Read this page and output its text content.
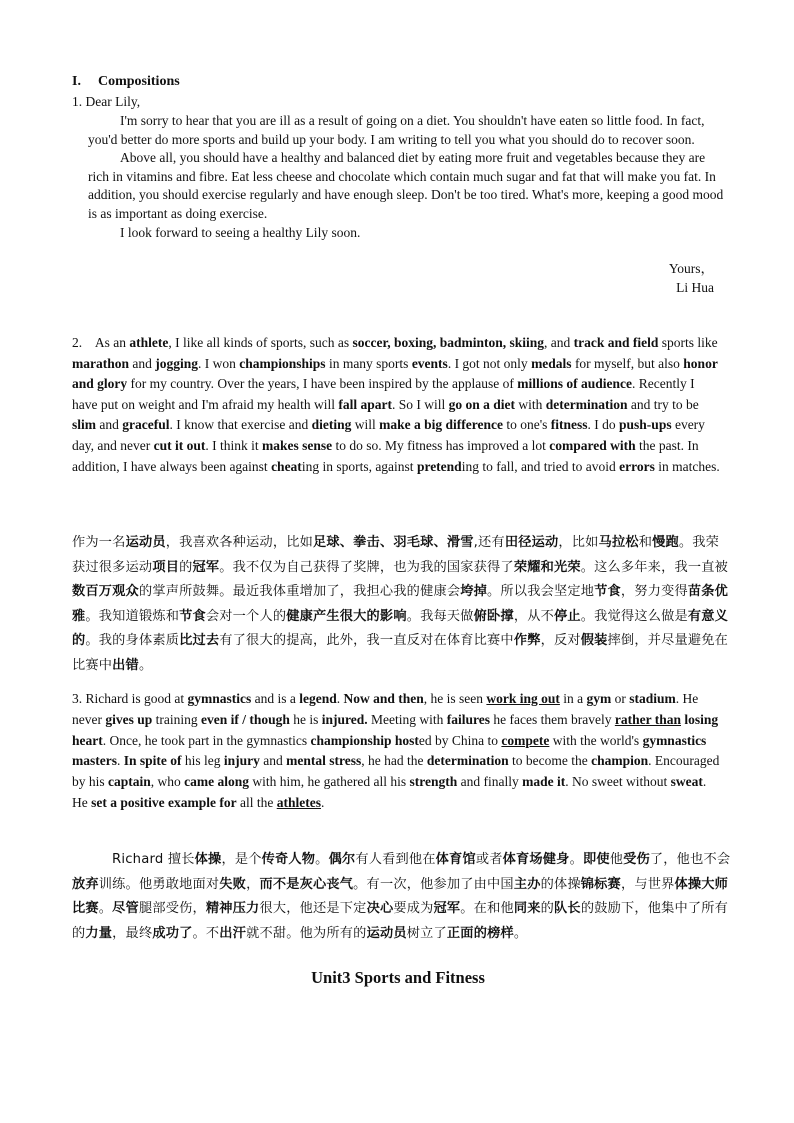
I. Compositions
1. Dear Lily,
I'm sorry to hear that you are ill as a result of going on a diet. You shouldn't have eaten so little food. In fact, you'd better do more sports and build up your body. I am writing to tell you what you should do to recover soon.
Above all, you should have a healthy and balanced diet by eating more fruit and vegetables because they are rich in vitamins and fibre. Eat less cheese and chocolate which contain much sugar and fat that will make you fat. In addition, you should exercise regularly and have enough sleep. Don't be too tired. What's more, keeping a good mood is as important as doing exercise.
I look forward to seeing a healthy Lily soon.
Yours，
Li Hua
2.    As an athlete, I like all kinds of sports, such as soccer, boxing, badminton, skiing, and track and field sports like marathon and jogging. I won championships in many sports events. I got not only medals for myself, but also honor and glory for my country. Over the years, I have been inspired by the applause of millions of audience. Recently I have put on weight and I'm afraid my health will fall apart. So I will go on a diet with determination and try to be slim and graceful. I know that exercise and dieting will make a big difference to one's fitness. I do push-ups every day, and never cut it out. I think it makes sense to do so. My fitness has improved a lot compared with the past. In addition, I have always been against cheating in sports, against pretending to fall, and tried to avoid errors in matches.
作为一名运动员，我喜欢各种运动，比如足球、拳击、羽毛球、滑雪,还有田径运动，比如马拉松和慢跑。我荣获过很多运动项目的冠军。我不仅为自己获得了奖牌，也为我的国家获得了荣耀和光荣。这么多年来，我一直被数百万观众的掌声所鼓舞。最近我体重增加了，我担心我的健康会垮掉。所以我会坚定地节食，努力变得苗条优雅。我知道锻炼和节食会对一个人的健康产生很大的影响。我每天做俯卧撑，从不停止。我觉得这么做是有意义的。我的身体素质比过去有了很大的提高，此外，我一直反对在体育比赛中作弊，反对假装摔倒，并尽量避免在比赛中出错。
3. Richard is good at gymnastics and is a legend. Now and then, he is seen work ing out in a gym or stadium. He never gives up training even if / though he is injured. Meeting with failures he faces them bravely rather than losing heart. Once, he took part in the gymnastics championship hosted by China to compete with the world's gymnastics masters. In spite of his leg injury and mental stress, he had the determination to become the champion. Encouraged by his captain, who came along with him, he gathered all his strength and finally made it. No sweet without sweat. He set a positive example for all the athletes.
Richard 擅长体操，是个传奇人物。偶尔有人看到他在体育馆或者体育场健身。即使他受伤了，他也不会放弃训练。他勇敢地面对失败，而不是灰心丧气。有一次，他参加了由中国主办的体操锦标赛，与世界体操大师比赛。尽管腿部受伤，精神压力很大，他还是下定决心要成为冠军。在和他同来的队长的鼓励下，他集中了所有的力量，最终成功了。不出汗就不甜。他为所有的运动员树立了正面的榜样。
Unit3 Sports and Fitness
